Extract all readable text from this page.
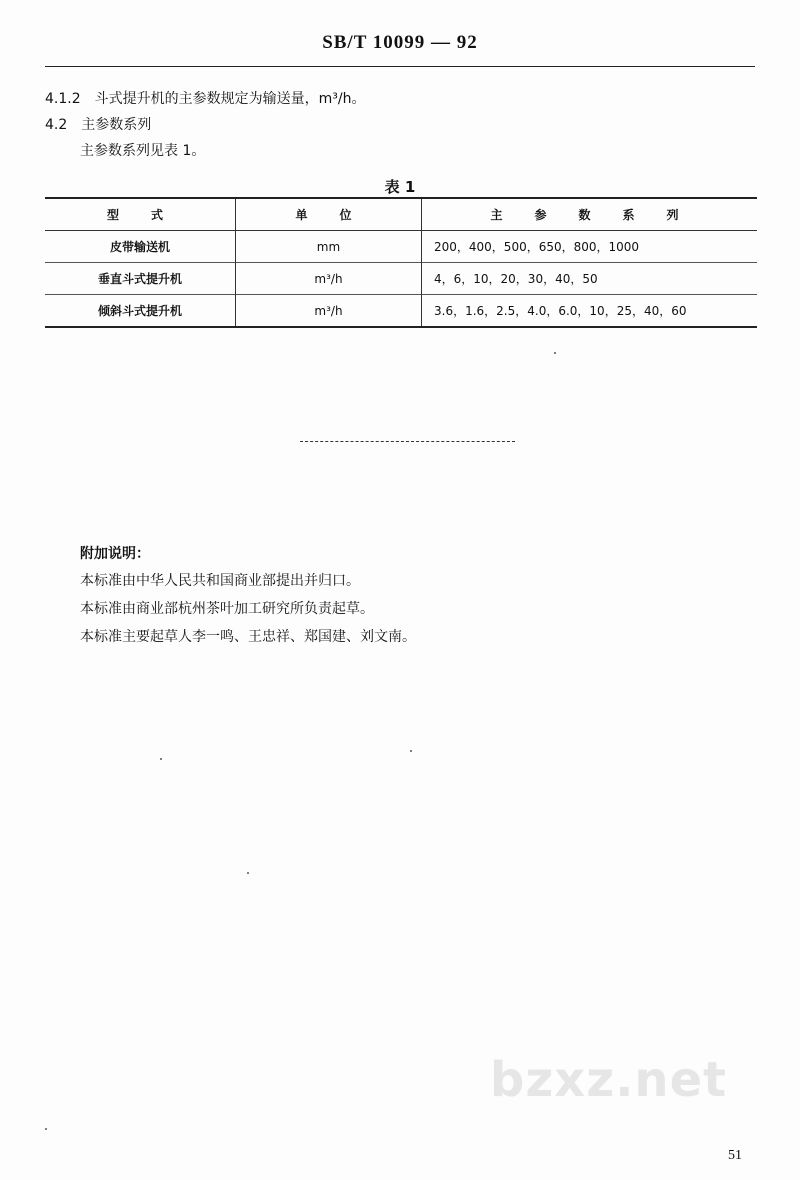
SB/T 10099 — 92
4.1.2　斗式提升机的主参数规定为输送量，m³/h。
4.2　主参数系列
主参数系列见表 1。
表 1
型　式	单　位	主　参　数　系　列
皮带输送机	mm	200，400，500，650，800，1000
垂直斗式提升机	m³/h	4，6，10，20，30，40，50
倾斜斗式提升机	m³/h	3.6，1.6，2.5，4.0，6.0，10，25，40，60
附加说明：
本标准由中华人民共和国商业部提出并归口。
本标准由商业部杭州茶叶加工研究所负责起草。
本标准主要起草人李一鸣、王忠祥、郑国建、刘文南。
bzxz.net
51
